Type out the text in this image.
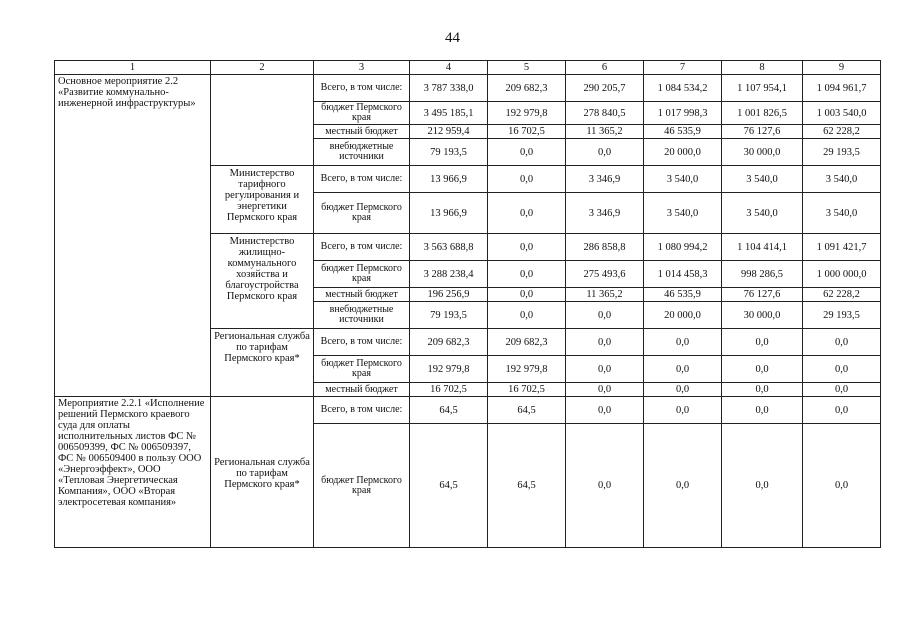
44
1	2	3	4	5	6	7	8	9
Основное мероприятие 2.2 «Развитие коммунально-инженерной инфраструктуры»		Всего, в том числе:	3 787 338,0	209 682,3	290 205,7	1 084 534,2	1 107 954,1	1 094 961,7
		бюджет Пермского края	3 495 185,1	192 979,8	278 840,5	1 017 998,3	1 001 826,5	1 003 540,0
		местный бюджет	212 959,4	16 702,5	11 365,2	46 535,9	76 127,6	62 228,2
		внебюджетные источники	79 193,5	0,0	0,0	20 000,0	30 000,0	29 193,5
	Министерство тарифного регулирования и энергетики Пермского края	Всего, в том числе:	13 966,9	0,0	3 346,9	3 540,0	3 540,0	3 540,0
		бюджет Пермского края	13 966,9	0,0	3 346,9	3 540,0	3 540,0	3 540,0
	Министерство жилищно-коммунального хозяйства и благоустройства Пермского края	Всего, в том числе:	3 563 688,8	0,0	286 858,8	1 080 994,2	1 104 414,1	1 091 421,7
		бюджет Пермского края	3 288 238,4	0,0	275 493,6	1 014 458,3	998 286,5	1 000 000,0
		местный бюджет	196 256,9	0,0	11 365,2	46 535,9	76 127,6	62 228,2
		внебюджетные источники	79 193,5	0,0	0,0	20 000,0	30 000,0	29 193,5
	Региональная служба по тарифам Пермского края*	Всего, в том числе:	209 682,3	209 682,3	0,0	0,0	0,0	0,0
		бюджет Пермского края	192 979,8	192 979,8	0,0	0,0	0,0	0,0
		местный бюджет	16 702,5	16 702,5	0,0	0,0	0,0	0,0
Мероприятие 2.2.1 «Исполнение решений Пермского краевого суда для оплаты исполнительных листов ФС № 006509399, ФС № 006509397, ФС № 006509400 в пользу ООО «Энергоэффект», ООО «Тепловая Энергетическая Компания», ООО «Вторая электросетевая компания»	Региональная служба по тарифам Пермского края*	Всего, в том числе:	64,5	64,5	0,0	0,0	0,0	0,0
		бюджет Пермского края	64,5	64,5	0,0	0,0	0,0	0,0
